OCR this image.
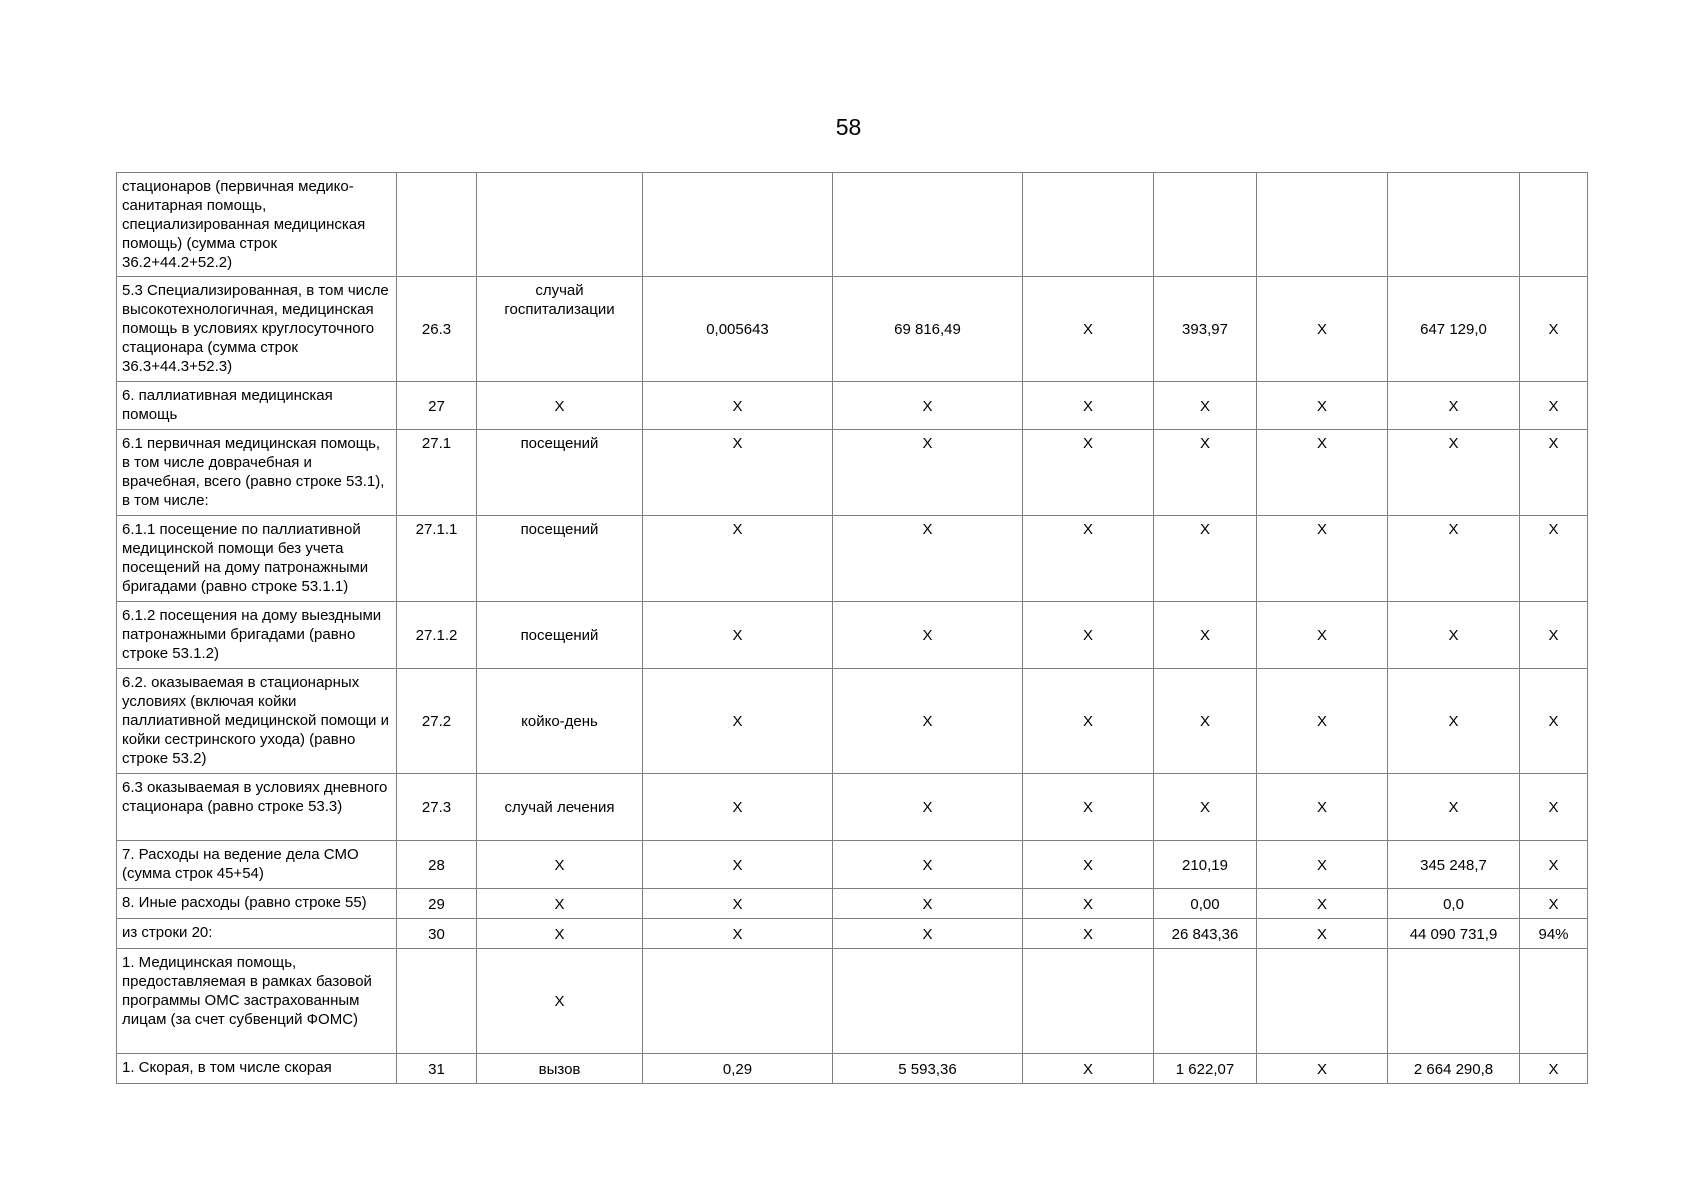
58
стационаров (первичная медико-санитарная помощь, специализированная медицинская помощь) (сумма строк 36.2+44.2+52.2)									
5.3 Специализированная, в том числе высокотехнологичная, медицинская помощь в условиях круглосуточного стационара (сумма строк 36.3+44.3+52.3)	26.3	случай госпитализации	0,005643	69 816,49	Х	393,97	Х	647 129,0	Х
6. паллиативная медицинская помощь	27	Х	Х	Х	Х	Х	Х	Х	Х
6.1 первичная медицинская помощь, в том числе доврачебная и врачебная, всего (равно строке 53.1), в том числе:	27.1	посещений	Х	Х	Х	Х	Х	Х	Х
6.1.1 посещение по паллиативной медицинской помощи без учета посещений на дому патронажными бригадами (равно строке 53.1.1)	27.1.1	посещений	Х	Х	Х	Х	Х	Х	Х
6.1.2 посещения на дому выездными патронажными бригадами (равно строке 53.1.2)	27.1.2	посещений	Х	Х	Х	Х	Х	Х	Х
6.2. оказываемая в стационарных условиях (включая койки паллиативной медицинской помощи и койки сестринского ухода) (равно строке 53.2)	27.2	койко-день	Х	Х	Х	Х	Х	Х	Х
6.3 оказываемая в условиях дневного стационара (равно строке 53.3)	27.3	случай лечения	Х	Х	Х	Х	Х	Х	Х
7. Расходы на ведение дела СМО (сумма строк 45+54)	28	Х	Х	Х	Х	210,19	Х	345 248,7	Х
8. Иные расходы (равно строке 55)	29	Х	Х	Х	Х	0,00	Х	0,0	Х
из строки 20:	30	Х	Х	Х	Х	26 843,36	Х	44 090 731,9	94%
1. Медицинская помощь, предоставляемая в рамках базовой программы ОМС застрахованным лицам (за счет субвенций ФОМС)		Х							
1. Скорая, в том числе скорая	31	вызов	0,29	5 593,36	Х	1 622,07	Х	2 664 290,8	Х
